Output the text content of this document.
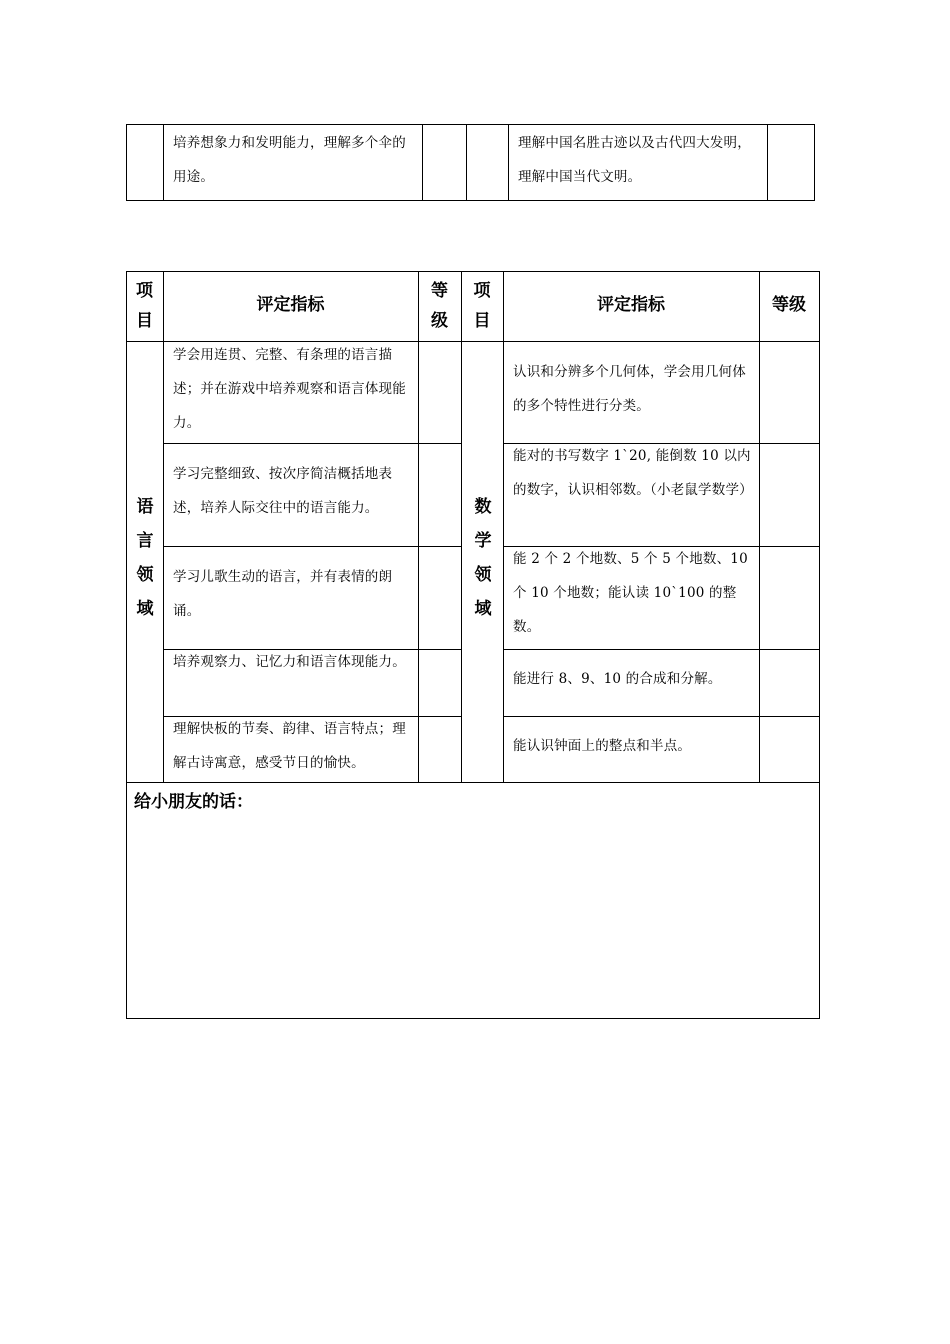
培养想象力和发明能力，理解多个伞的用途。
理解中国名胜古迹以及古代四大发明，理解中国当代文明。
项目
评定指标
等级
项目
评定指标	等级
语言领域
数学领域
学会用连贯、完整、有条理的语言描述；并在游戏中培养观察和语言体现能力。
学习完整细致、按次序简洁概括地表述，培养人际交往中的语言能力。
学习儿歌生动的语言，并有表情的朗诵。
培养观察力、记忆力和语言体现能力。
理解快板的节奏、韵律、语言特点；理解古诗寓意，感受节日的愉快。
认识和分辨多个几何体，学会用几何体的多个特性进行分类。
能对的书写数字 1`20, 能倒数 10 以内的数字，认识相邻数。（小老鼠学数学）
能 2 个 2 个地数、5 个 5 个地数、10 个 10 个地数；能认读 10`100 的整数。
能进行 8、9、10 的合成和分解。
能认识钟面上的整点和半点。
给小朋友的话：
